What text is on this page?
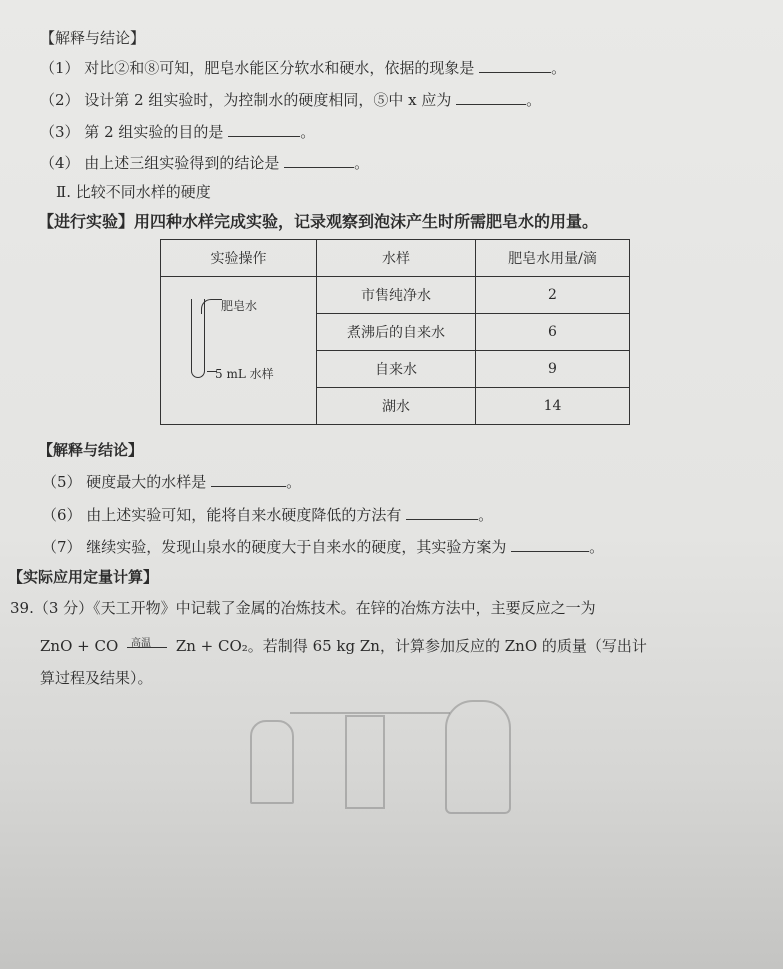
【解释与结论】
（1） 对比②和⑧可知，肥皂水能区分软水和硬水，依据的现象是	。
（2） 设计第 2 组实验时，为控制水的硬度相同，⑤中 x 应为	。
（3） 第 2 组实验的目的是	。
（4） 由上述三组实验得到的结论是	。
Ⅱ. 比较不同水样的硬度
【进行实验】用四种水样完成实验，记录观察到泡沫产生时所需肥皂水的用量。
实验操作	水样	肥皂水用量/滴

肥皂水
5 mL 水样	市售纯净水	2
	煮沸后的自来水	6
	自来水	9
	湖水	14
【解释与结论】
（5） 硬度最大的水样是	。
（6） 由上述实验可知，能将自来水硬度降低的方法有	。
（7） 继续实验，发现山泉水的硬度大于自来水的硬度，其实验方案为	。
【实际应用定量计算】
39.（3 分）《天工开物》中记载了金属的冶炼技术。在锌的冶炼方法中，主要反应之一为
ZnO + CO 高温 Zn + CO₂。若制得 65 kg Zn，计算参加反应的 ZnO 的质量（写出计
算过程及结果）。
